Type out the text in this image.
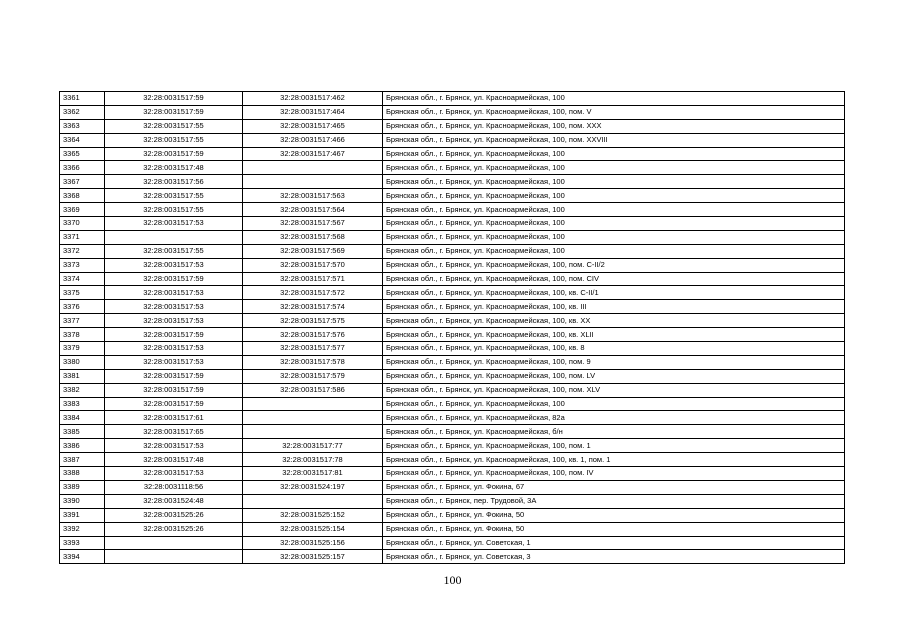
3361	32:28:0031517:59	32:28:0031517:462	Брянская обл., г. Брянск, ул. Красноармейская, 100
3362	32:28:0031517:59	32:28:0031517:464	Брянская обл., г. Брянск, ул. Красноармейская, 100, пом. V
3363	32:28:0031517:55	32:28:0031517:465	Брянская обл., г. Брянск, ул. Красноармейская, 100, пом. XXX
3364	32:28:0031517:55	32:28:0031517:466	Брянская обл., г. Брянск, ул. Красноармейская, 100, пом. XXVIII
3365	32:28:0031517:59	32:28:0031517:467	Брянская обл., г. Брянск, ул. Красноармейская, 100
3366	32:28:0031517:48		Брянская обл., г. Брянск, ул. Красноармейская, 100
3367	32:28:0031517:56		Брянская обл., г. Брянск, ул. Красноармейская, 100
3368	32:28:0031517:55	32:28:0031517:563	Брянская обл., г. Брянск, ул. Красноармейская, 100
3369	32:28:0031517:55	32:28:0031517:564	Брянская обл., г. Брянск, ул. Красноармейская, 100
3370	32:28:0031517:53	32:28:0031517:567	Брянская обл., г. Брянск, ул. Красноармейская, 100
3371		32:28:0031517:568	Брянская обл., г. Брянск, ул. Красноармейская, 100
3372	32:28:0031517:55	32:28:0031517:569	Брянская обл., г. Брянск, ул. Красноармейская, 100
3373	32:28:0031517:53	32:28:0031517:570	Брянская обл., г. Брянск, ул. Красноармейская, 100, пом. С-II/2
3374	32:28:0031517:59	32:28:0031517:571	Брянская обл., г. Брянск, ул. Красноармейская, 100, пом. CIV
3375	32:28:0031517:53	32:28:0031517:572	Брянская обл., г. Брянск, ул. Красноармейская, 100, кв. С-II/1
3376	32:28:0031517:53	32:28:0031517:574	Брянская обл., г. Брянск, ул. Красноармейская, 100, кв. III
3377	32:28:0031517:53	32:28:0031517:575	Брянская обл., г. Брянск, ул. Красноармейская, 100, кв. XX
3378	32:28:0031517:59	32:28:0031517:576	Брянская обл., г. Брянск, ул. Красноармейская, 100, кв. XLII
3379	32:28:0031517:53	32:28:0031517:577	Брянская обл., г. Брянск, ул. Красноармейская, 100, кв. 8
3380	32:28:0031517:53	32:28:0031517:578	Брянская обл., г. Брянск, ул. Красноармейская, 100, пом. 9
3381	32:28:0031517:59	32:28:0031517:579	Брянская обл., г. Брянск, ул. Красноармейская, 100, пом. LV
3382	32:28:0031517:59	32:28:0031517:586	Брянская обл., г. Брянск, ул. Красноармейская, 100, пом. XLV
3383	32:28:0031517:59		Брянская обл., г. Брянск, ул. Красноармейская, 100
3384	32:28:0031517:61		Брянская обл., г. Брянск, ул. Красноармейская, 82а
3385	32:28:0031517:65		Брянская обл., г. Брянск, ул. Красноармейская, б/н
3386	32:28:0031517:53	32:28:0031517:77	Брянская обл., г. Брянск, ул. Красноармейская, 100, пом. 1
3387	32:28:0031517:48	32:28:0031517:78	Брянская обл., г. Брянск, ул. Красноармейская, 100, кв. 1, пом. 1
3388	32:28:0031517:53	32:28:0031517:81	Брянская обл., г. Брянск, ул. Красноармейская, 100, пом. IV
3389	32:28:0031118:56	32:28:0031524:197	Брянская обл., г. Брянск, ул. Фокина, 67
3390	32:28:0031524:48		Брянская обл., г. Брянск, пер. Трудовой, 3А
3391	32:28:0031525:26	32:28:0031525:152	Брянская обл., г. Брянск, ул. Фокина, 50
3392	32:28:0031525:26	32:28:0031525:154	Брянская обл., г. Брянск, ул. Фокина, 50
3393		32:28:0031525:156	Брянская обл., г. Брянск, ул. Советская, 1
3394		32:28:0031525:157	Брянская обл., г. Брянск, ул. Советская, 3
100
